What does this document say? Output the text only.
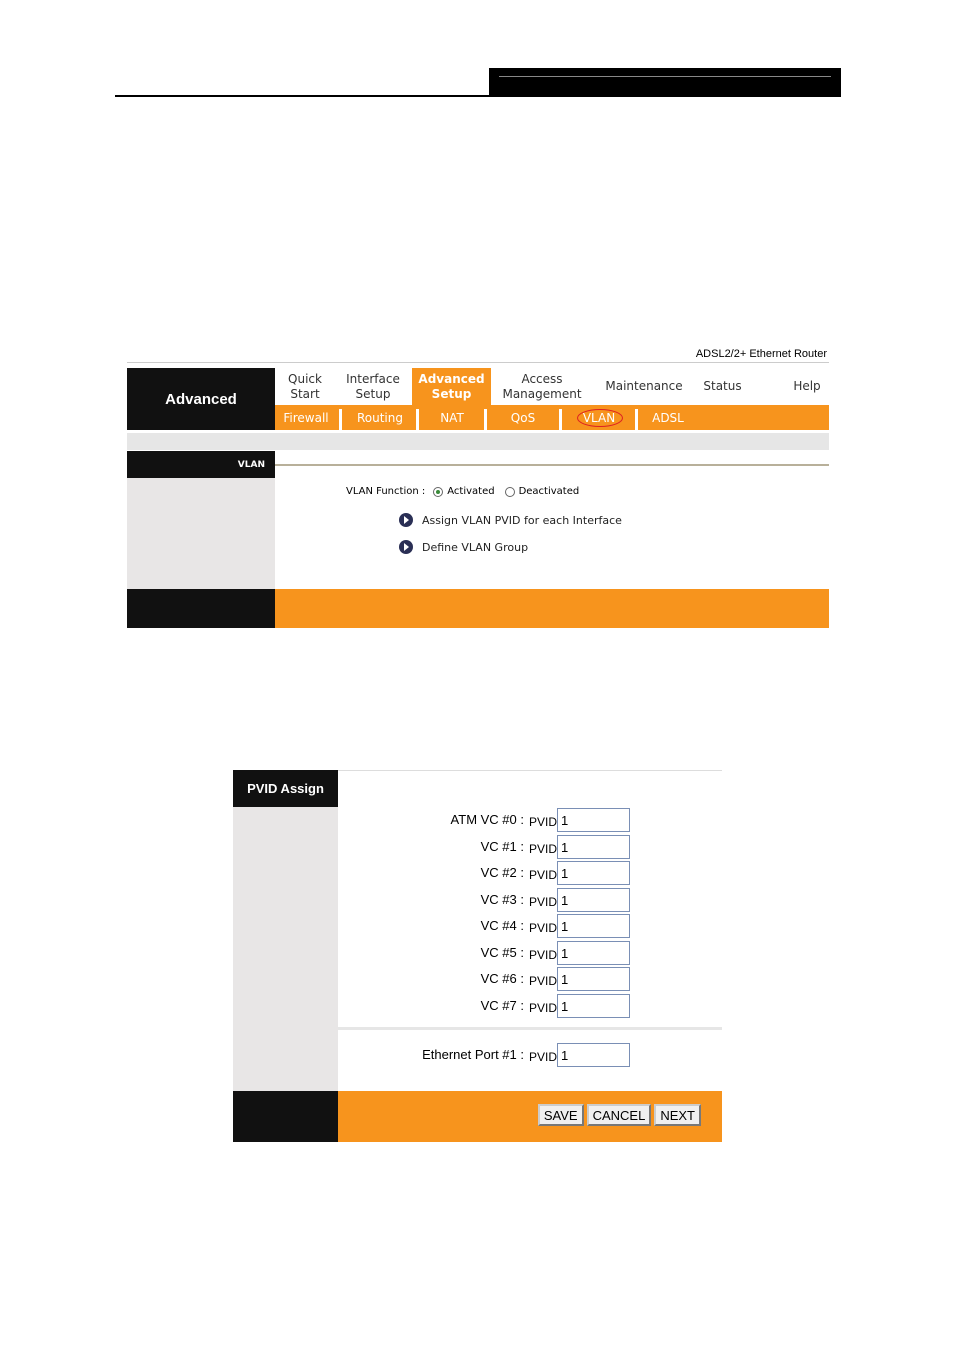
ADSL2/2+ Ethernet Router
Advanced
Quick
Start
Interface
Setup
Advanced
Setup
Access
Management
Maintenance	Status	Help
Firewall	Routing	NAT	QoS	VLAN	ADSL
VLAN
VLAN Function : Activated Deactivated
Assign VLAN PVID for each Interface
Define VLAN Group
PVID Assign
ATM VC #0 : PVID
1
VC #1 : PVID
1
VC #2 : PVID
1
VC #3 : PVID
1
VC #4 : PVID
1
VC #5 : PVID
1
VC #6 : PVID
1
VC #7 : PVID
1
Ethernet Port #1 : PVID
1
SAVE	CANCEL	NEXT
